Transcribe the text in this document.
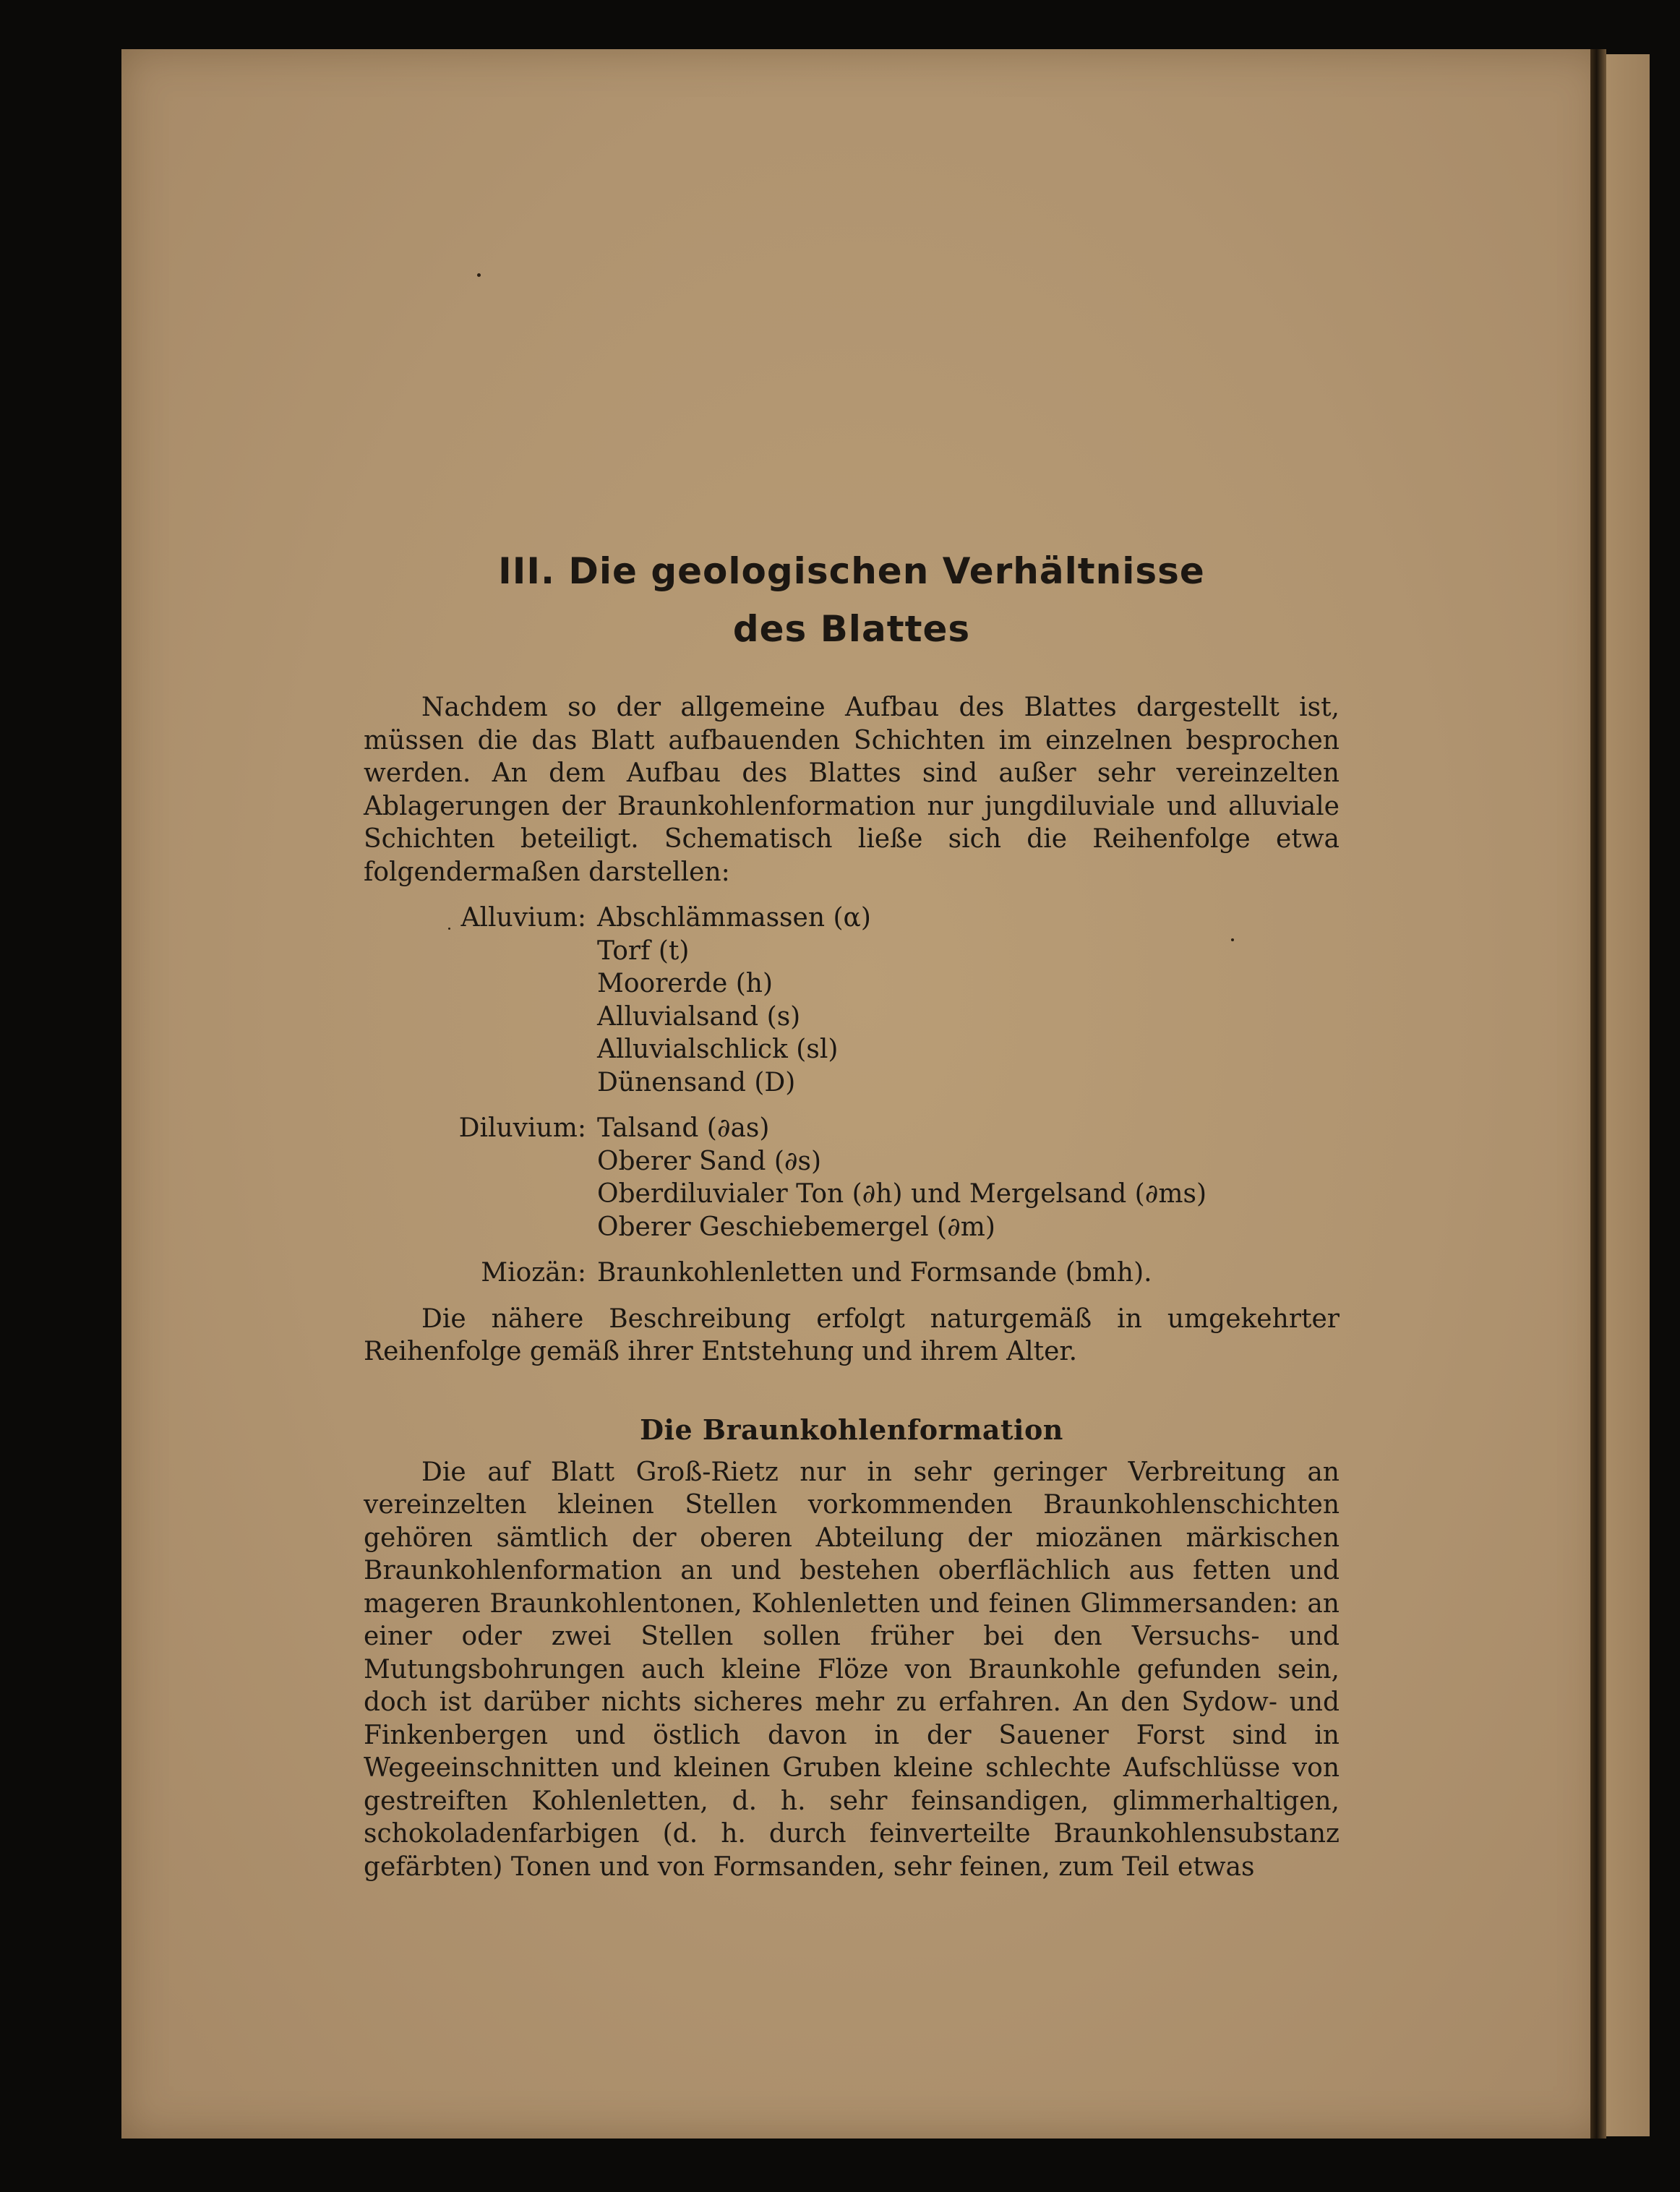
III. Die geologischen Verhältnisse
des Blattes

Nachdem so der allgemeine Aufbau des Blattes dargestellt ist, müssen die das Blatt aufbauenden Schichten im einzelnen besprochen werden. An dem Aufbau des Blattes sind außer sehr vereinzelten Ablagerungen der Braunkohlenformation nur jungdiluviale und alluviale Schichten beteiligt. Schematisch ließe sich die Reihenfolge etwa folgendermaßen darstellen:

Alluvium: Abschlämmassen (α)
Torf (t)
Moorerde (h)
Alluvialsand (s)
Alluvialschlick (sl)
Dünensand (D)
Diluvium: Talsand (∂as)
Oberer Sand (∂s)
Oberdiluvialer Ton (∂h) und Mergelsand (∂ms)
Oberer Geschiebemergel (∂m)
Miozän: Braunkohlenletten und Formsande (bmh).

Die nähere Beschreibung erfolgt naturgemäß in umgekehrter Reihenfolge gemäß ihrer Entstehung und ihrem Alter.

Die Braunkohlenformation

Die auf Blatt Groß-Rietz nur in sehr geringer Verbreitung an vereinzelten kleinen Stellen vorkommenden Braunkohlenschichten gehören sämtlich der oberen Abteilung der miozänen märkischen Braunkohlenformation an und bestehen oberflächlich aus fetten und mageren Braunkohlentonen, Kohlenletten und feinen Glimmersanden: an einer oder zwei Stellen sollen früher bei den Versuchs- und Mutungsbohrungen auch kleine Flöze von Braunkohle gefunden sein, doch ist darüber nichts sicheres mehr zu erfahren. An den Sydow- und Finkenbergen und östlich davon in der Sauener Forst sind in Wegeeinschnitten und kleinen Gruben kleine schlechte Aufschlüsse von gestreiften Kohlenletten, d. h. sehr feinsandigen, glimmerhaltigen, schokoladenfarbigen (d. h. durch feinverteilte Braunkohlensubstanz gefärbten) Tonen und von Formsanden, sehr feinen, zum Teil etwas
